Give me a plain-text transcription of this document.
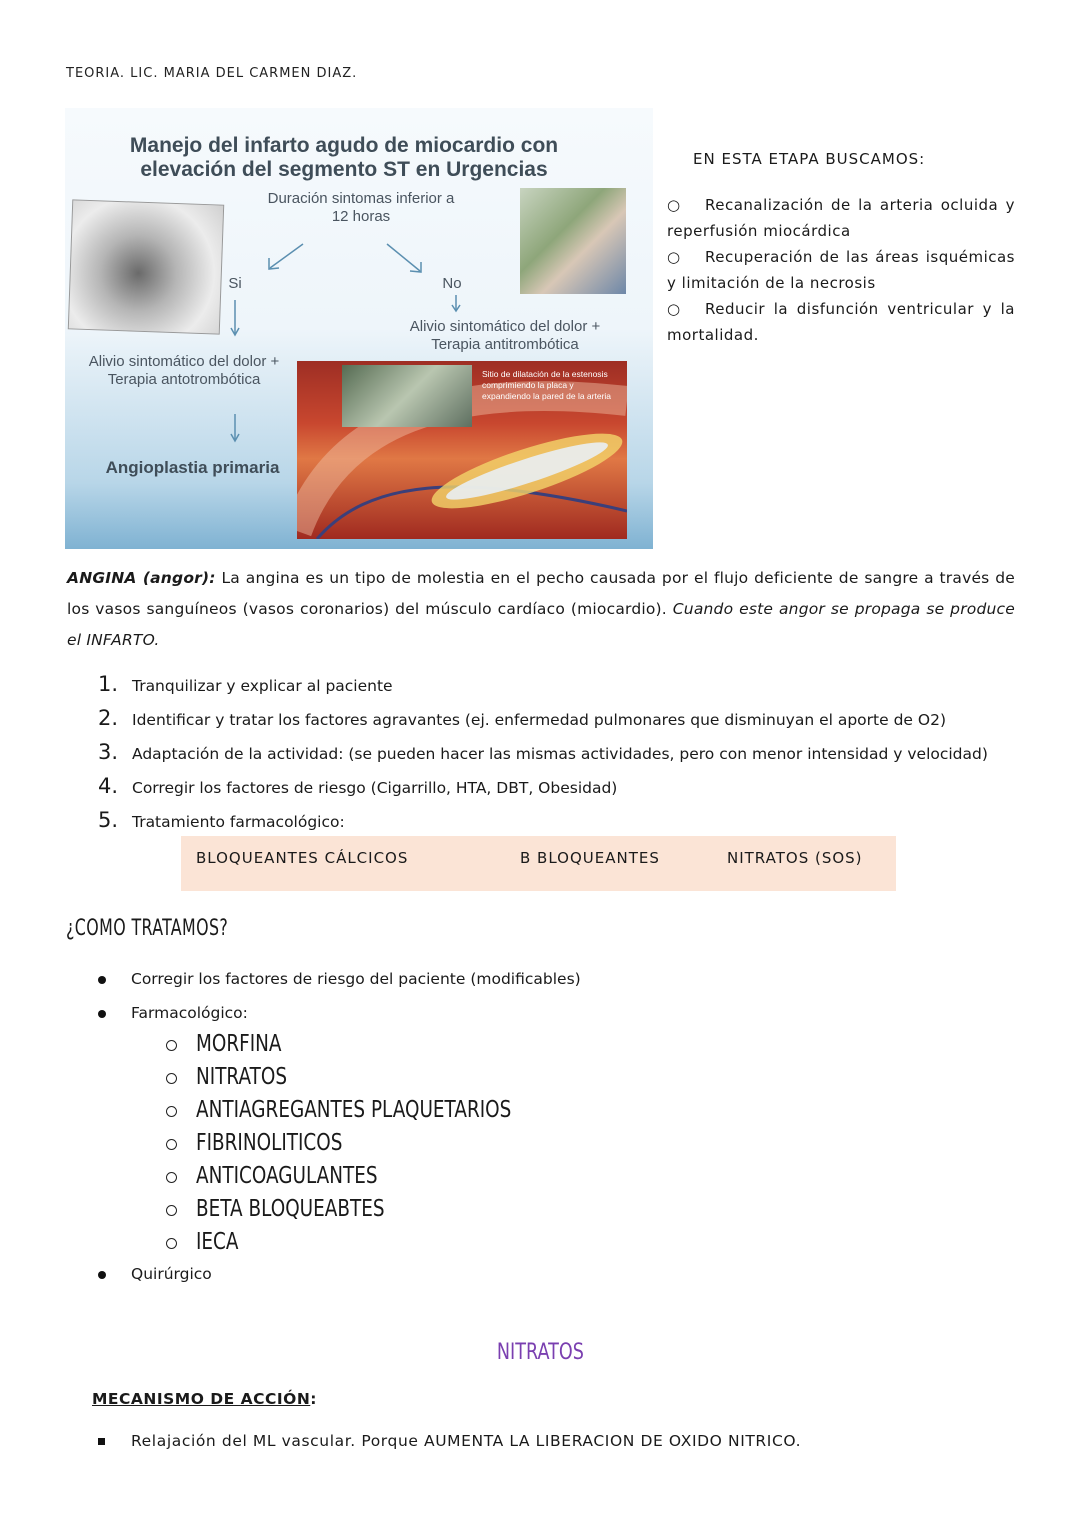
TEORIA. LIC. MARIA DEL CARMEN DIAZ.
Manejo del infarto agudo de miocardio con
elevación del segmento ST en Urgencias
Duración sintomas inferior a
12 horas
Si	No
Alivio sintomático del dolor +
Terapia antitrombótica
Alivio sintomático del dolor +
Terapia antotrombótica
Angioplastia primaria
Sitio de dilatación de la estenosis comprimiendo la placa y expandiendo la pared de la arteria
EN ESTA ETAPA BUSCAMOS:
○ Recanalización de la arteria ocluida y reperfusión miocárdica
○ Recuperación de las áreas isquémicas y limitación de la necrosis
○ Reducir la disfunción ventricular y la mortalidad.
ANGINA (angor): La angina es un tipo de molestia en el pecho causada por el flujo deficiente de sangre a través de los vasos sanguíneos (vasos coronarios) del músculo cardíaco (miocardio). Cuando este angor se propaga se produce el INFARTO.
1. Tranquilizar y explicar al paciente
2. Identificar y tratar los factores agravantes (ej. enfermedad pulmonares que disminuyan el aporte de O2)
3. Adaptación de la actividad: (se pueden hacer las mismas actividades, pero con menor intensidad y velocidad)
4. Corregir los factores de riesgo (Cigarrillo, HTA, DBT, Obesidad)
5. Tratamiento farmacológico:
BLOQUEANTES CÁLCICOS	B BLOQUEANTES	NITRATOS (SOS)
¿COMO TRATAMOS?
Corregir los factores de riesgo del paciente (modificables)
Farmacológico:
MORFINA
NITRATOS
ANTIAGREGANTES PLAQUETARIOS
FIBRINOLITICOS
ANTICOAGULANTES
BETA BLOQUEABTES
IECA
Quirúrgico
NITRATOS
MECANISMO DE ACCIÓN:
Relajación del ML vascular. Porque AUMENTA LA LIBERACION DE OXIDO NITRICO.
